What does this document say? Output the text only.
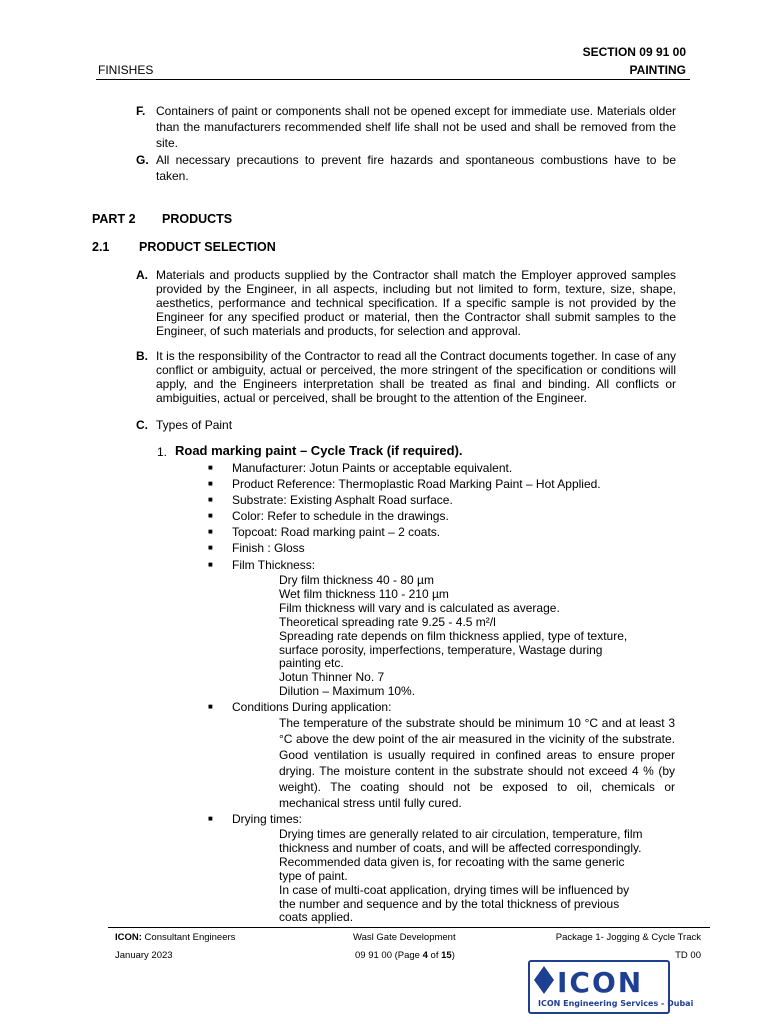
SECTION 09 91 00
FINISHES	PAINTING
F. Containers of paint or components shall not be opened except for immediate use. Materials older than the manufacturers recommended shelf life shall not be used and shall be removed from the site.
G. All necessary precautions to prevent fire hazards and spontaneous combustions have to be taken.
PART 2 PRODUCTS
2.1 PRODUCT SELECTION
A. Materials and products supplied by the Contractor shall match the Employer approved samples provided by the Engineer, in all aspects, including but not limited to form, texture, size, shape, aesthetics, performance and technical specification. If a specific sample is not provided by the Engineer for any specified product or material, then the Contractor shall submit samples to the Engineer, of such materials and products, for selection and approval.
B. It is the responsibility of the Contractor to read all the Contract documents together. In case of any conflict or ambiguity, actual or perceived, the more stringent of the specification or conditions will apply, and the Engineers interpretation shall be treated as final and binding. All conflicts or ambiguities, actual or perceived, shall be brought to the attention of the Engineer.
C. Types of Paint
1. Road marking paint – Cycle Track (if required).
■ Manufacturer: Jotun Paints or acceptable equivalent.
■ Product Reference: Thermoplastic Road Marking Paint – Hot Applied.
■ Substrate: Existing Asphalt Road surface.
■ Color: Refer to schedule in the drawings.
■ Topcoat: Road marking paint – 2 coats.
■ Finish : Gloss
■ Film Thickness:
Dry film thickness 40 - 80 µm
Wet film thickness 110 - 210 µm
Film thickness will vary and is calculated as average.
Theoretical spreading rate 9.25 - 4.5 m²/l
Spreading rate depends on film thickness applied, type of texture,
surface porosity, imperfections, temperature, Wastage during
painting etc.
Jotun Thinner No. 7
Dilution – Maximum 10%.
■ Conditions During application:
The temperature of the substrate should be minimum 10 °C and at least 3 °C above the dew point of the air measured in the vicinity of the substrate. Good ventilation is usually required in confined areas to ensure proper drying. The moisture content in the substrate should not exceed 4 % (by weight). The coating should not be exposed to oil, chemicals or mechanical stress until fully cured.
■ Drying times:
Drying times are generally related to air circulation, temperature, film
thickness and number of coats, and will be affected correspondingly.
Recommended data given is, for recoating with the same generic
type of paint.
In case of multi-coat application, drying times will be influenced by
the number and sequence and by the total thickness of previous
coats applied.
ICON: Consultant Engineers	Wasl Gate Development	Package 1- Jogging & Cycle Track
January 2023	09 91 00 (Page 4 of 15)	TD 00
ICON
ICON Engineering Services - Dubai
